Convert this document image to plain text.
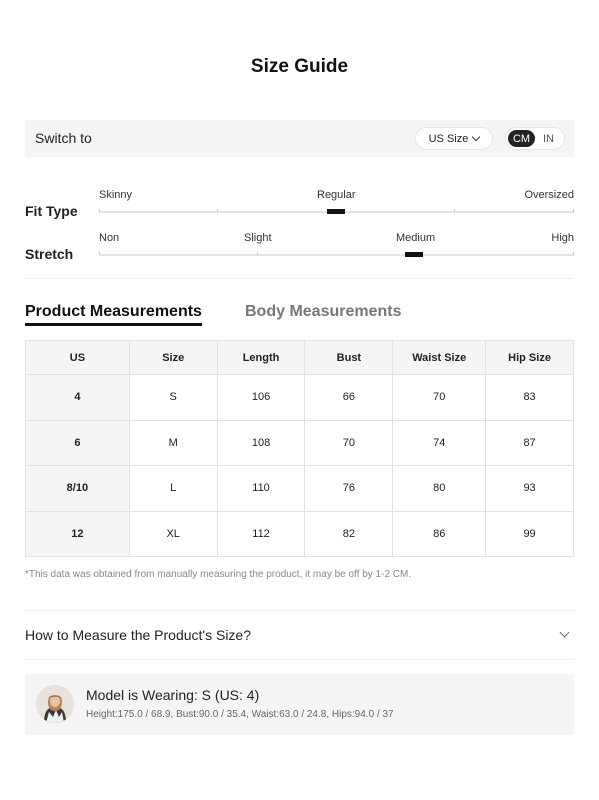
Size Guide
Switch to	US Size	CM	IN
Fit Type
Skinny	Regular	Oversized
Stretch
Non	Slight	Medium	High
Product Measurements	Body Measurements
US	Size	Length	Bust	Waist Size	Hip Size
4	S	106	66	70	83
6	M	108	70	74	87
8/10	L	110	76	80	93
12	XL	112	82	86	99
*This data was obtained from manually measuring the product, it may be off by 1-2 CM.
How to Measure the Product's Size?
Model is Wearing: S (US: 4)
Height:175.0 / 68.9, Bust:90.0 / 35.4, Waist:63.0 / 24.8, Hips:94.0 / 37
